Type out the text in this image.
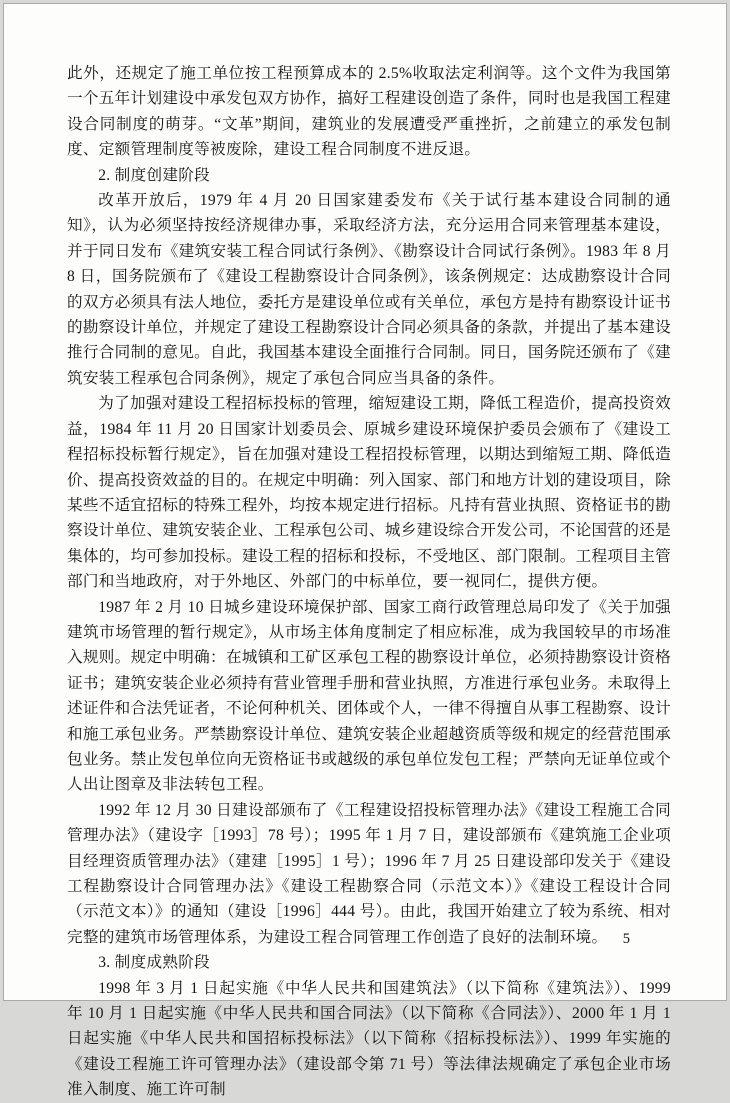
此外，还规定了施工单位按工程预算成本的 2.5%收取法定利润等。这个文件为我国第一个五年计划建设中承发包双方协作，搞好工程建设创造了条件，同时也是我国工程建设合同制度的萌芽。“文革”期间，建筑业的发展遭受严重挫折，之前建立的承发包制度、定额管理制度等被废除，建设工程合同制度不进反退。

2. 制度创建阶段

改革开放后，1979 年 4 月 20 日国家建委发布《关于试行基本建设合同制的通知》，认为必须坚持按经济规律办事，采取经济方法，充分运用合同来管理基本建设，并于同日发布《建筑安装工程合同试行条例》、《勘察设计合同试行条例》。1983 年 8 月 8 日，国务院颁布了《建设工程勘察设计合同条例》，该条例规定：达成勘察设计合同的双方必须具有法人地位，委托方是建设单位或有关单位，承包方是持有勘察设计证书的勘察设计单位，并规定了建设工程勘察设计合同必须具备的条款，并提出了基本建设推行合同制的意见。自此，我国基本建设全面推行合同制。同日，国务院还颁布了《建筑安装工程承包合同条例》，规定了承包合同应当具备的条件。

为了加强对建设工程招标投标的管理，缩短建设工期，降低工程造价，提高投资效益，1984 年 11 月 20 日国家计划委员会、原城乡建设环境保护委员会颁布了《建设工程招标投标暂行规定》，旨在加强对建设工程招投标管理，以期达到缩短工期、降低造价、提高投资效益的目的。在规定中明确：列入国家、部门和地方计划的建设项目，除某些不适宜招标的特殊工程外，均按本规定进行招标。凡持有营业执照、资格证书的勘察设计单位、建筑安装企业、工程承包公司、城乡建设综合开发公司，不论国营的还是集体的，均可参加投标。建设工程的招标和投标，不受地区、部门限制。工程项目主管部门和当地政府，对于外地区、外部门的中标单位，要一视同仁，提供方便。

1987 年 2 月 10 日城乡建设环境保护部、国家工商行政管理总局印发了《关于加强建筑市场管理的暂行规定》，从市场主体角度制定了相应标准，成为我国较早的市场准入规则。规定中明确：在城镇和工矿区承包工程的勘察设计单位，必须持勘察设计资格证书；建筑安装企业必须持有营业管理手册和营业执照，方准进行承包业务。未取得上述证件和合法凭证者，不论何种机关、团体或个人，一律不得擅自从事工程勘察、设计和施工承包业务。严禁勘察设计单位、建筑安装企业超越资质等级和规定的经营范围承包业务。禁止发包单位向无资格证书或越级的承包单位发包工程；严禁向无证单位或个人出让图章及非法转包工程。

1992 年 12 月 30 日建设部颁布了《工程建设招投标管理办法》《建设工程施工合同管理办法》（建设字［1993］78 号）；1995 年 1 月 7 日，建设部颁布《建筑施工企业项目经理资质管理办法》（建建［1995］1 号）；1996 年 7 月 25 日建设部印发关于《建设工程勘察设计合同管理办法》《建设工程勘察合同（示范文本）》《建设工程设计合同（示范文本）》的通知（建设［1996］444 号）。由此，我国开始建立了较为系统、相对完整的建筑市场管理体系，为建设工程合同管理工作创造了良好的法制环境。

3. 制度成熟阶段

1998 年 3 月 1 日起实施《中华人民共和国建筑法》（以下简称《建筑法》）、1999 年 10 月 1 日起实施《中华人民共和国合同法》（以下简称《合同法》）、2000 年 1 月 1 日起实施《中华人民共和国招标投标法》（以下简称《招标投标法》）、1999 年实施的《建设工程施工许可管理办法》（建设部令第 71 号）等法律法规确定了承包企业市场准入制度、施工许可制

5
